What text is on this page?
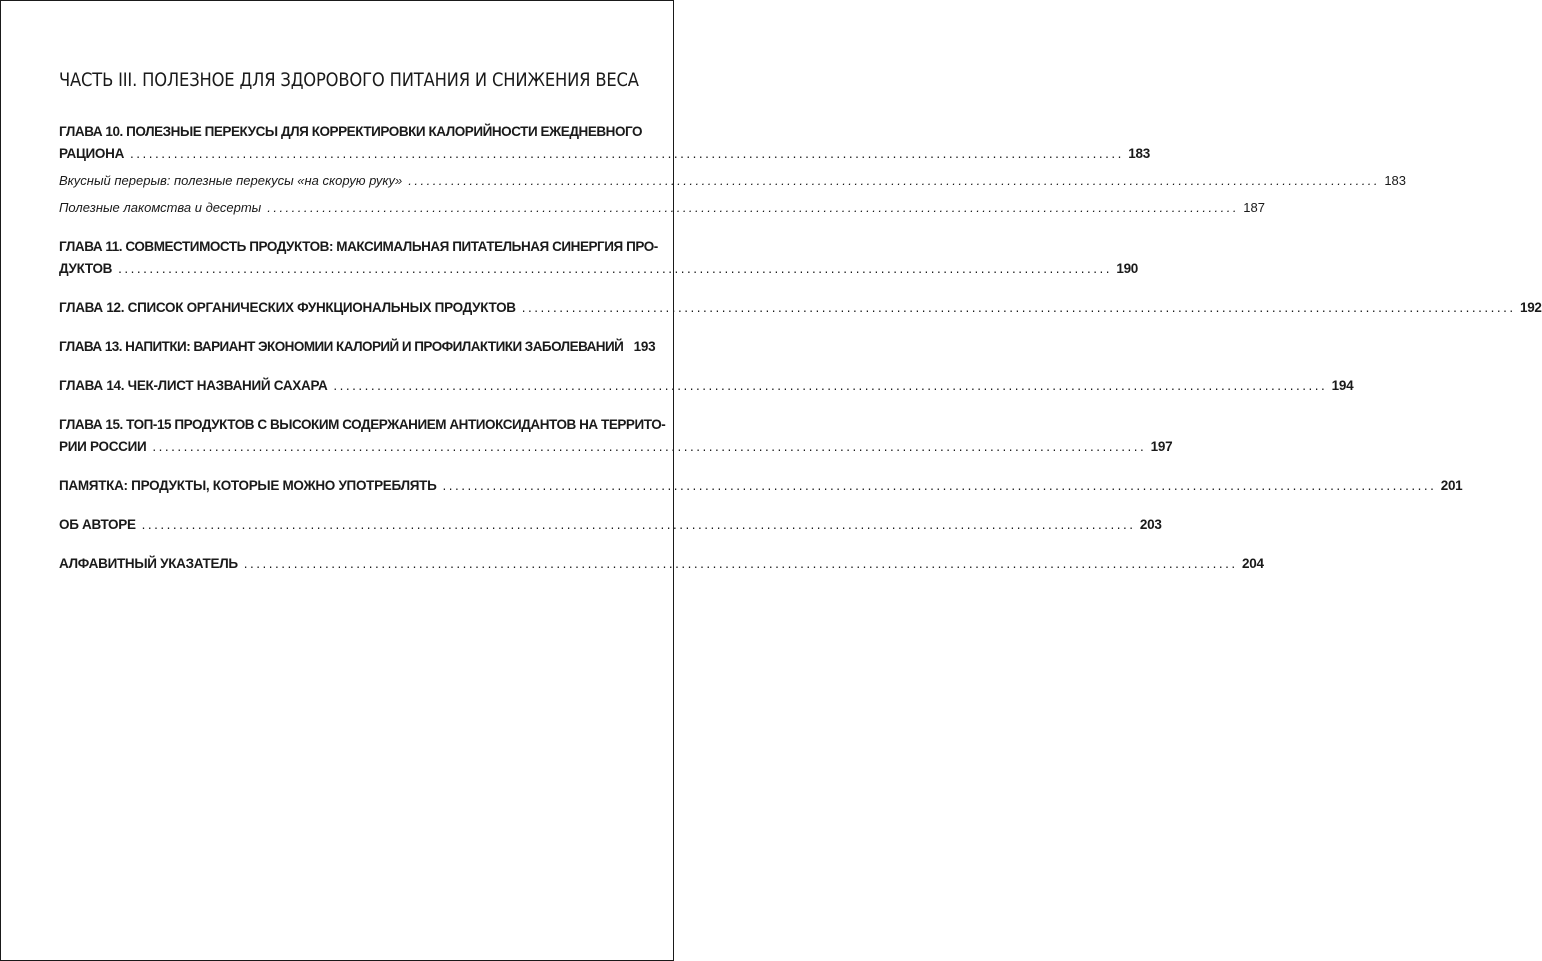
ЧАСТЬ III. ПОЛЕЗНОЕ ДЛЯ ЗДОРОВОГО ПИТАНИЯ И СНИЖЕНИЯ ВЕСА
ГЛАВА 10. ПОЛЕЗНЫЕ ПЕРЕКУСЫ ДЛЯ КОРРЕКТИРОВКИ КАЛОРИЙНОСТИ ЕЖЕДНЕВНОГО
РАЦИОНА ............................................................................................................................................................... 183
Вкусный перерыв: полезные перекусы «на скорую руку» ............................................................................................................................................................... 183
Полезные лакомства и десерты ............................................................................................................................................................... 187
ГЛАВА 11. СОВМЕСТИМОСТЬ ПРОДУКТОВ: МАКСИМАЛЬНАЯ ПИТАТЕЛЬНАЯ СИНЕРГИЯ ПРО-
ДУКТОВ ............................................................................................................................................................... 190
ГЛАВА 12. СПИСОК ОРГАНИЧЕСКИХ ФУНКЦИОНАЛЬНЫХ ПРОДУКТОВ ............................................................................................................................................................... 192
ГЛАВА 13. НАПИТКИ: ВАРИАНТ ЭКОНОМИИ КАЛОРИЙ И ПРОФИЛАКТИКИ ЗАБОЛЕВАНИЙ 193
ГЛАВА 14. ЧЕК-ЛИСТ НАЗВАНИЙ САХАРА ............................................................................................................................................................... 194
ГЛАВА 15. ТОП-15 ПРОДУКТОВ С ВЫСОКИМ СОДЕРЖАНИЕМ АНТИОКСИДАНТОВ НА ТЕРРИТО-
РИИ РОССИИ ............................................................................................................................................................... 197
ПАМЯТКА: ПРОДУКТЫ, КОТОРЫЕ МОЖНО УПОТРЕБЛЯТЬ ............................................................................................................................................................... 201
ОБ АВТОРЕ ............................................................................................................................................................... 203
АЛФАВИТНЫЙ УКАЗАТЕЛЬ ............................................................................................................................................................... 204
